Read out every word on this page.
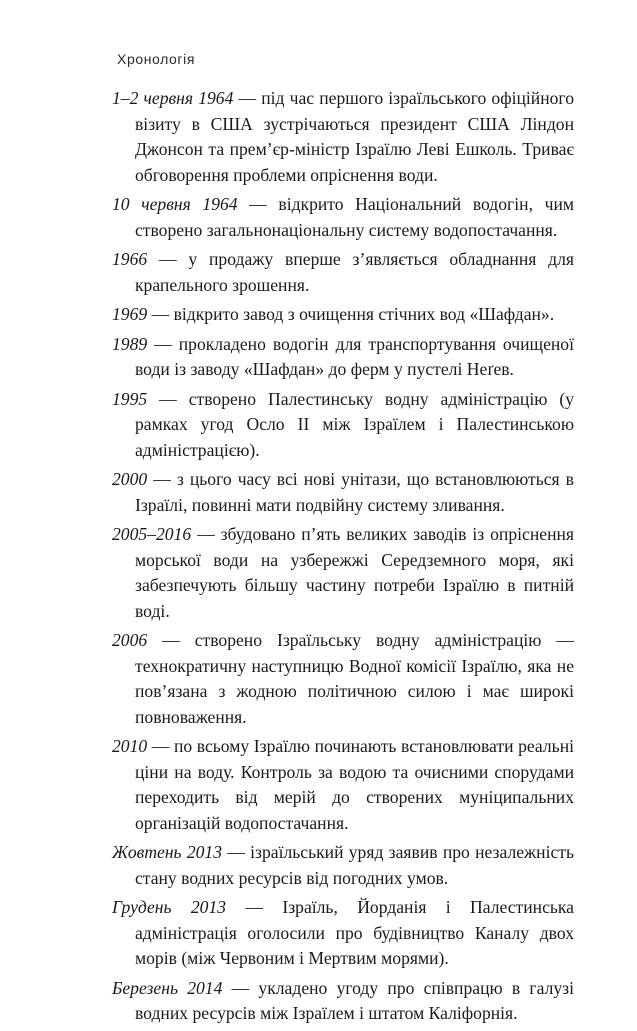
Хронологія

1–2 червня 1964 — під час першого ізраїльського офіційного візиту в США зустрічаються президент США Ліндон Джонсон та прем’єр-міністр Ізраїлю Леві Ешколь. Триває обговорення проблеми опріснення води.

10 червня 1964 — відкрито Національний водогін, чим створено загальнонаціональну систему водопостачання.

1966 — у продажу вперше з’являється обладнання для крапельного зрошення.

1969 — відкрито завод з очищення стічних вод «Шафдан».

1989 — прокладено водогін для транспортування очищеної води із заводу «Шафдан» до ферм у пустелі Неґев.

1995 — створено Палестинську водну адміністрацію (у рамках угод Осло II між Ізраїлем і Палестинською адміністрацією).

2000 — з цього часу всі нові унітази, що встановлюються в Ізраїлі, повинні мати подвійну систему зливання.

2005–2016 — збудовано п’ять великих заводів із опріснення морської води на узбережжі Середземного моря, які забезпечують більшу частину потреби Ізраїлю в питній воді.

2006 — створено Ізраїльську водну адміністрацію — технократичну наступницю Водної комісії Ізраїлю, яка не пов’язана з жодною політичною силою і має широкі повноваження.

2010 — по всьому Ізраїлю починають встановлювати реальні ціни на воду. Контроль за водою та очисними спорудами переходить від мерій до створених муніципальних організацій водопостачання.

Жовтень 2013 — ізраїльський уряд заявив про незалежність стану водних ресурсів від погодних умов.

Грудень 2013 — Ізраїль, Йорданія і Палестинська адміністрація оголосили про будівництво Каналу двох морів (між Червоним і Мертвим морями).

Березень 2014 — укладено угоду про співпрацю в галузі водних ресурсів між Ізраїлем і штатом Каліфорнія.
